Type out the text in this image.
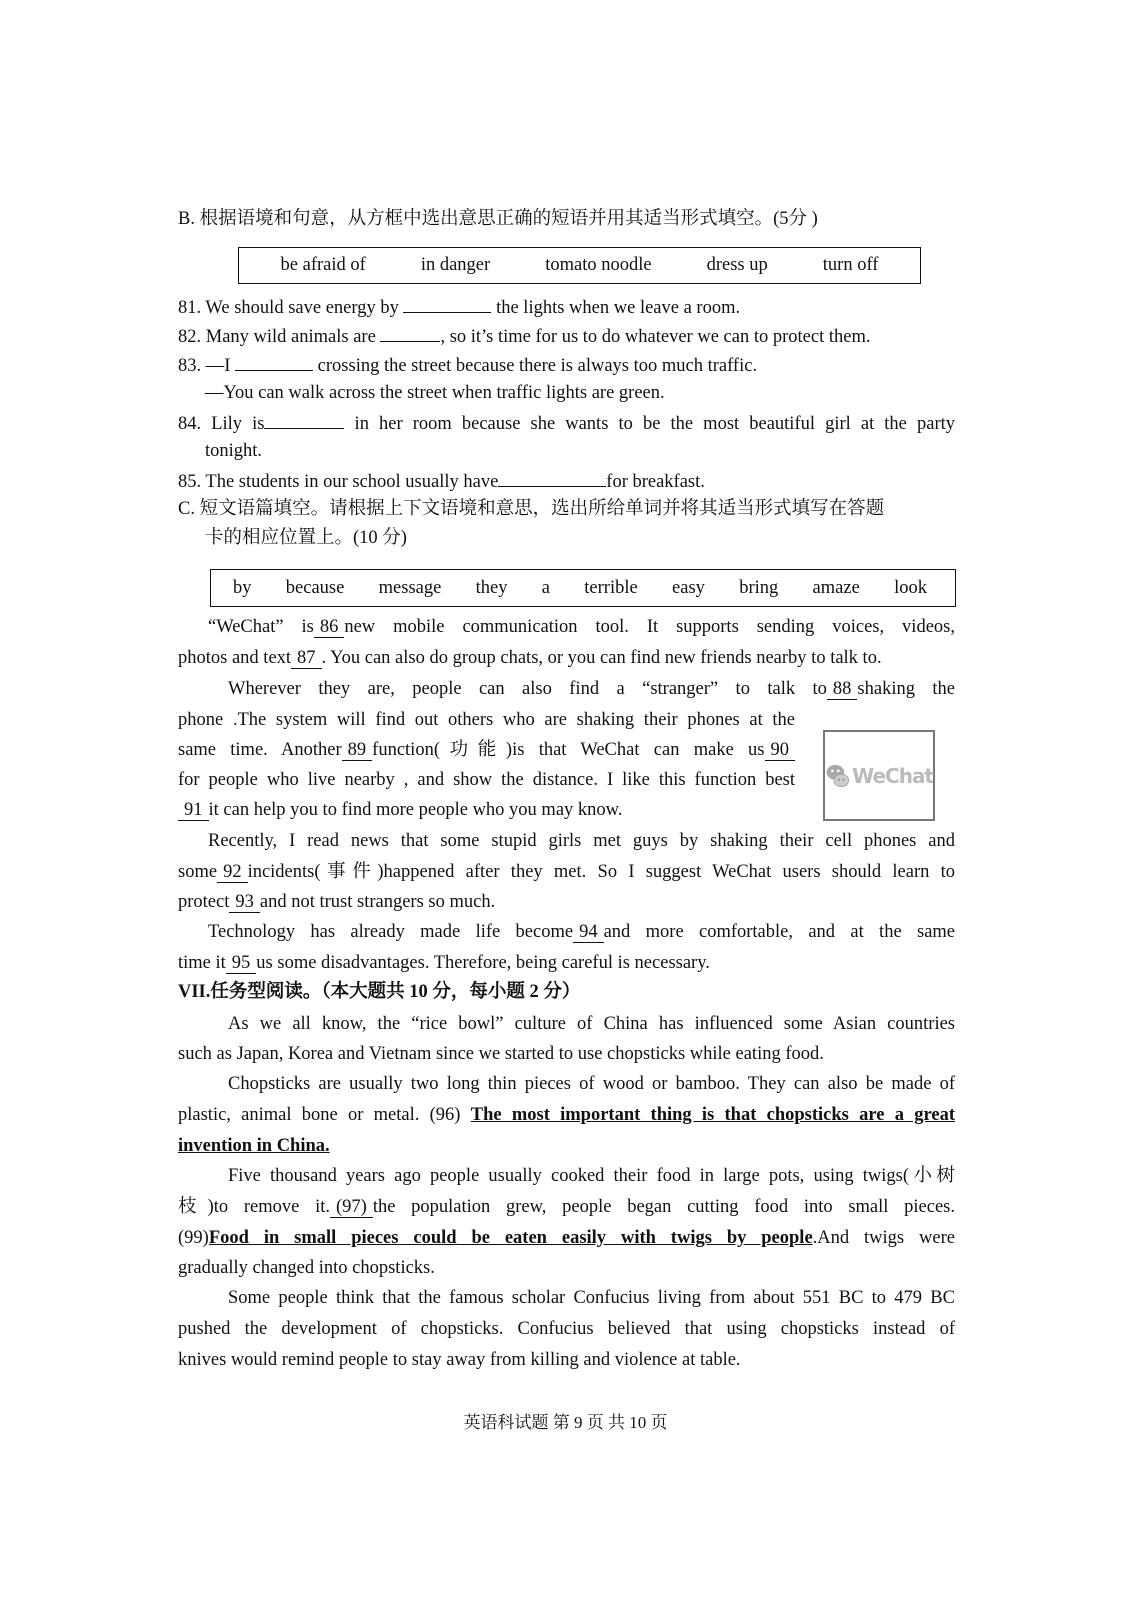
B. 根据语境和句意，从方框中选出意思正确的短语并用其适当形式填空。(5分 )
be afraid of	in danger	tomato noodle	dress up	turn off
81. We should save energy by	the lights when we leave a room.
82. Many wild animals are	, so it’s time for us to do whatever we can to protect them.
83. —I	crossing the street because there is always too much traffic.
—You can walk across the street when traffic lights are green.
84. Lily is	in her room because she wants to be the most beautiful girl at the party
tonight.
85. The students in our school usually have	for breakfast.
C. 短文语篇填空。请根据上下文语境和意思，选出所给单词并将其适当形式填写在答题
卡的相应位置上。(10 分)
by because message they a terrible easy bring amaze look
“WeChat” is 86 new mobile communication tool. It supports sending voices, videos,
photos and text 87 . You can also do group chats, or you can find new friends nearby to talk to.
Wherever they are, people can also find a “stranger” to talk to 88 shaking the
phone .The system will find out others who are shaking their phones at the
same time. Another 89 function(功能)is that WeChat can make us 90
for people who live nearby , and show the distance. I like this function best
91 it can help you to find more people who you may know.
WeChat
Recently, I read news that some stupid girls met guys by shaking their cell phones and
some 92 incidents(事件)happened after they met. So I suggest WeChat users should learn to
protect 93 and not trust strangers so much.
Technology has already made life become 94 and more comfortable, and at the same
time it 95 us some disadvantages. Therefore, being careful is necessary.
VII.任务型阅读。（本大题共 10 分，每小题 2 分）
As we all know, the “rice bowl” culture of China has influenced some Asian countries
such as Japan, Korea and Vietnam since we started to use chopsticks while eating food.
Chopsticks are usually two long thin pieces of wood or bamboo. They can also be made of
plastic, animal bone or metal. (96) The most important thing is that chopsticks are a great
invention in China.
Five thousand years ago people usually cooked their food in large pots, using twigs(小树
枝)to remove it. (97) the population grew, people began cutting food into small pieces.
(99)Food in small pieces could be eaten easily with twigs by people.And twigs were
gradually changed into chopsticks.
Some people think that the famous scholar Confucius living from about 551 BC to 479 BC
pushed the development of chopsticks. Confucius believed that using chopsticks instead of
knives would remind people to stay away from killing and violence at table.
英语科试题 第 9 页 共 10 页
